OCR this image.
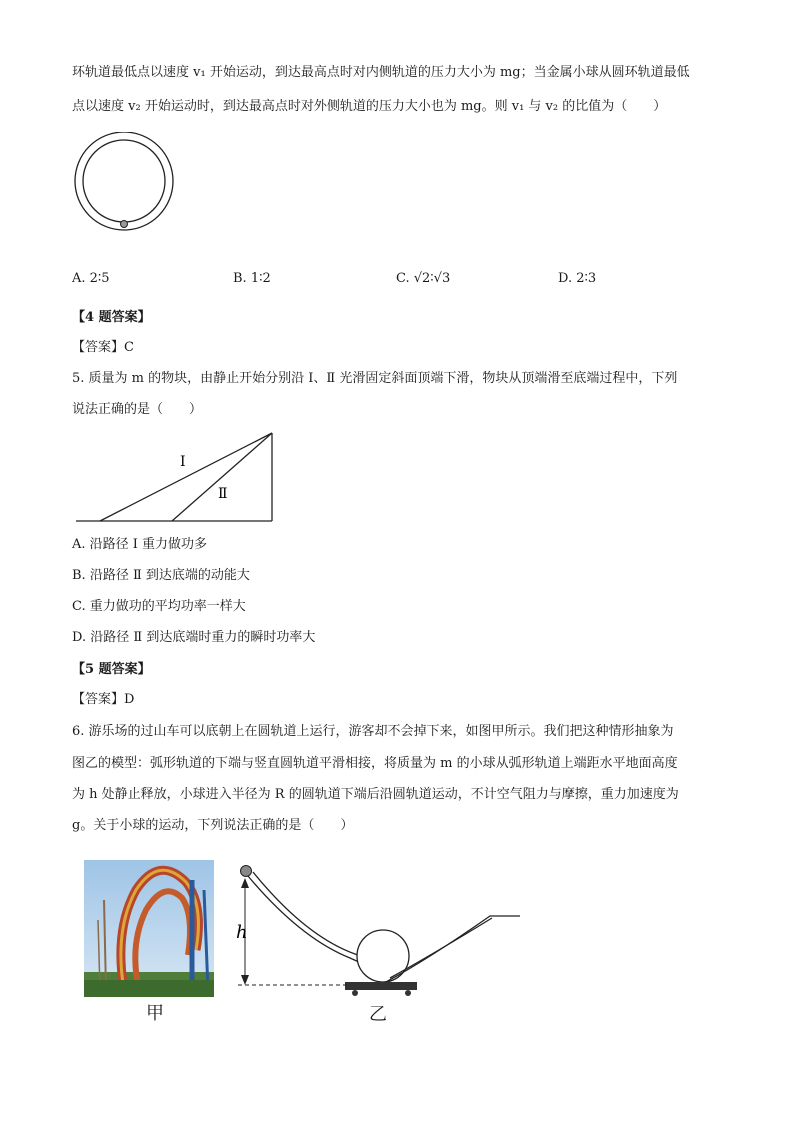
环轨道最低点以速度 v₁ 开始运动，到达最高点时对内侧轨道的压力大小为 mg；当金属小球从圆环轨道最低
点以速度 v₂ 开始运动时，到达最高点时对外侧轨道的压力大小也为 mg。则 v₁ 与 v₂ 的比值为（　　）
A. 2∶5	B. 1∶2	C. √2∶√3	D. 2∶3
【4 题答案】
【答案】C
5. 质量为 m 的物块，由静止开始分别沿 Ⅰ、Ⅱ 光滑固定斜面顶端下滑，物块从顶端滑至底端过程中，下列
说法正确的是（　　）
Ⅰ
Ⅱ
A. 沿路径 Ⅰ 重力做功多
B. 沿路径 Ⅱ 到达底端的动能大
C. 重力做功的平均功率一样大
D. 沿路径 Ⅱ 到达底端时重力的瞬时功率大
【5 题答案】
【答案】D
6. 游乐场的过山车可以底朝上在圆轨道上运行，游客却不会掉下来，如图甲所示。我们把这种情形抽象为
图乙的模型：弧形轨道的下端与竖直圆轨道平滑相接，将质量为 m 的小球从弧形轨道上端距水平地面高度
为 h 处静止释放，小球进入半径为 R 的圆轨道下端后沿圆轨道运动，不计空气阻力与摩擦，重力加速度为
g。关于小球的运动，下列说法正确的是（　　）
甲
h
乙
